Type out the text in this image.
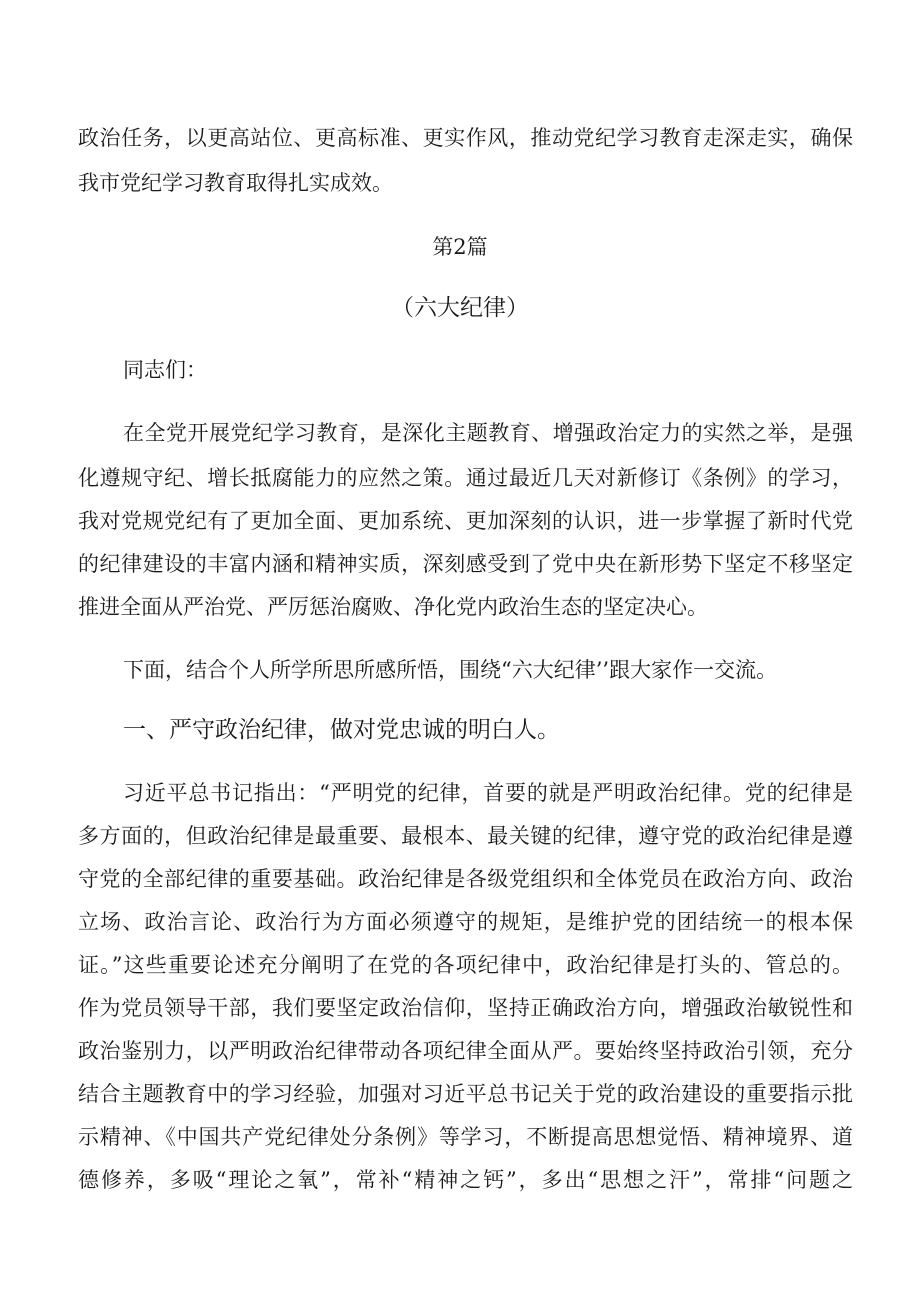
政治任务，以更高站位、更高标准、更实作风，推动党纪学习教育走深走实，确保
我市党纪学习教育取得扎实成效。
第2篇
（六大纪律）
同志们：
在全党开展党纪学习教育，是深化主题教育、增强政治定力的实然之举，是强
化遵规守纪、增长抵腐能力的应然之策。通过最近几天对新修订《条例》的学习，
我对党规党纪有了更加全面、更加系统、更加深刻的认识，进一步掌握了新时代党
的纪律建设的丰富内涵和精神实质，深刻感受到了党中央在新形势下坚定不移坚定
推进全面从严治党、严厉惩治腐败、净化党内政治生态的坚定决心。
下面，结合个人所学所思所感所悟，围绕“六大纪律’’跟大家作一交流。
一、严守政治纪律，做对党忠诚的明白人。
习近平总书记指出：“严明党的纪律，首要的就是严明政治纪律。党的纪律是
多方面的，但政治纪律是最重要、最根本、最关键的纪律，遵守党的政治纪律是遵
守党的全部纪律的重要基础。政治纪律是各级党组织和全体党员在政治方向、政治
立场、政治言论、政治行为方面必须遵守的规矩，是维护党的团结统一的根本保
证。”这些重要论述充分阐明了在党的各项纪律中，政治纪律是打头的、管总的。
作为党员领导干部，我们要坚定政治信仰，坚持正确政治方向，增强政治敏锐性和
政治鉴别力，以严明政治纪律带动各项纪律全面从严。要始终坚持政治引领，充分
结合主题教育中的学习经验，加强对习近平总书记关于党的政治建设的重要指示批
示精神、《中国共产党纪律处分条例》等学习，不断提高思想觉悟、精神境界、道
德修养，多吸“理论之氧”，常补“精神之钙”，多出“思想之汗”，常排“问题之
